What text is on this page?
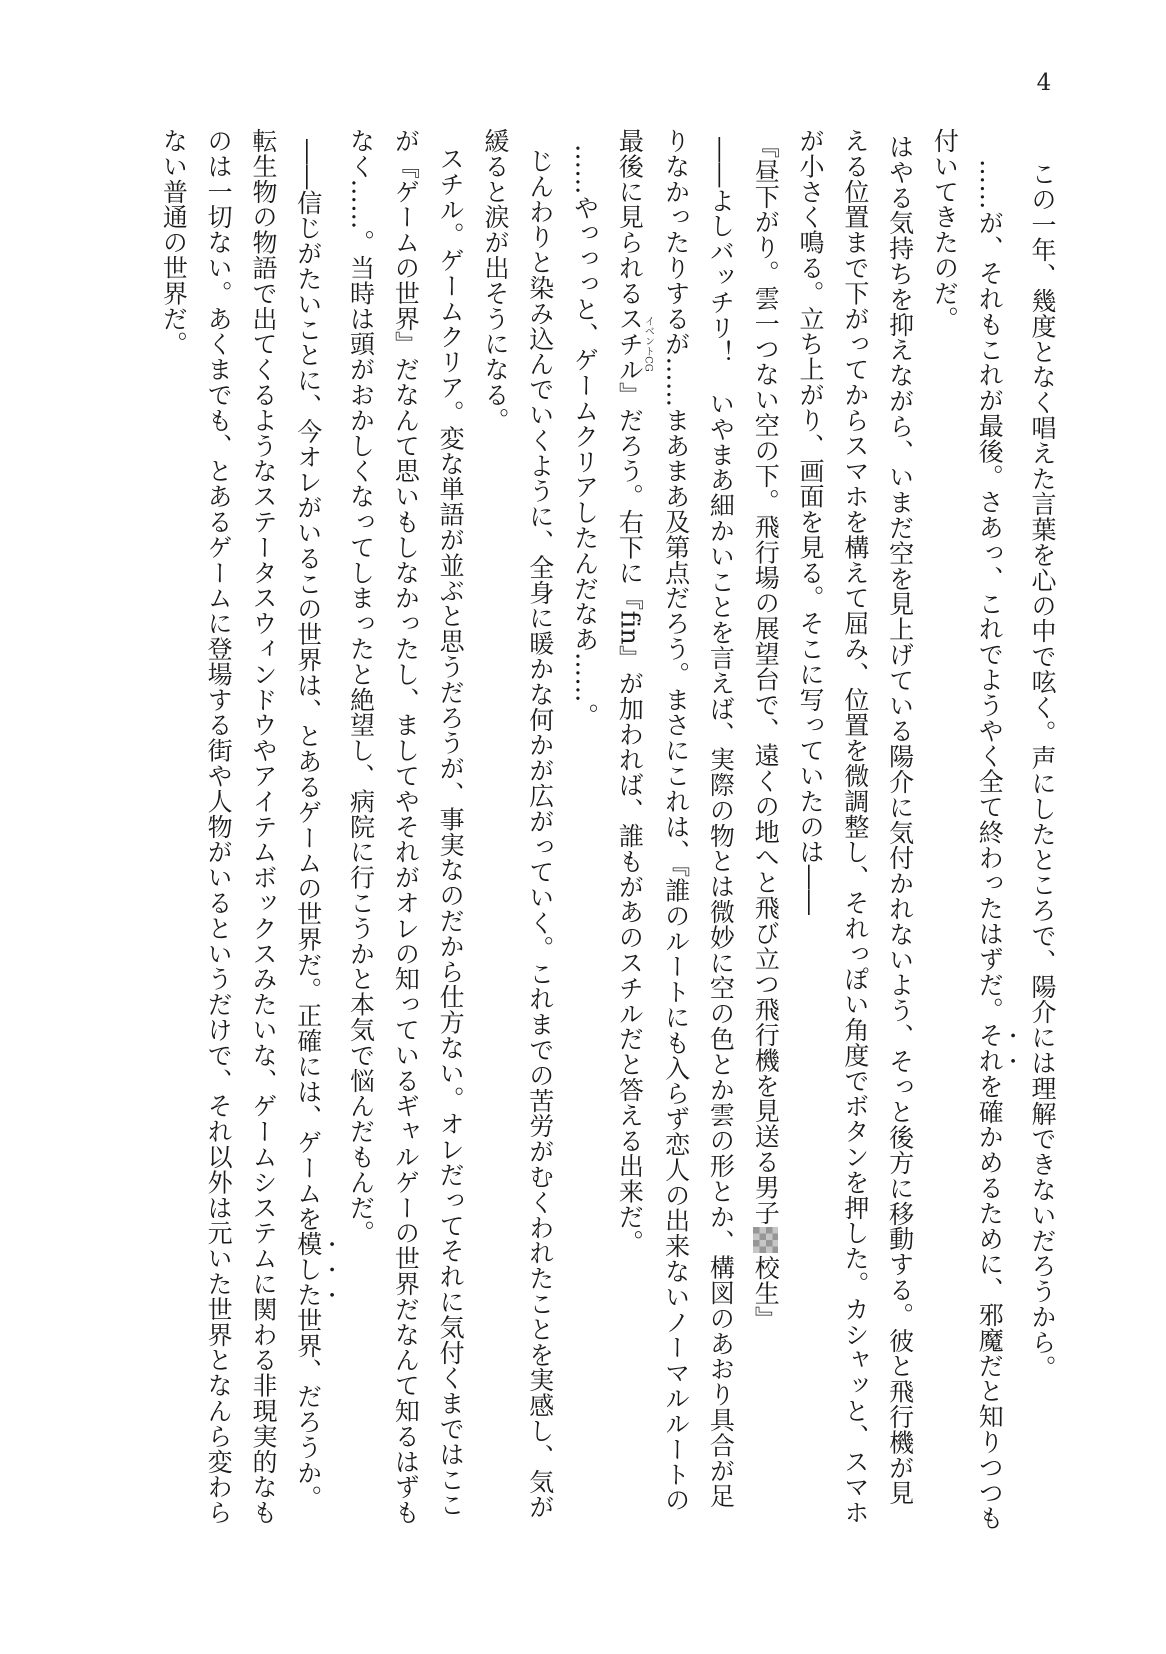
4
この一年、幾度となく唱えた言葉を心の中で呟く。声にしたところで、陽介には理解できないだろうから。
……が、それもこれが最後。さあっ、これでようやく全て終わったはずだ。それを確かめるために、邪魔だと知りつつも
付いてきたのだ。
はやる気持ちを抑えながら、いまだ空を見上げている陽介に気付かれないよう、そっと後方に移動する。彼と飛行機が見
える位置まで下がってからスマホを構えて屈み、位置を微調整し、それっぽい角度でボタンを押した。カシャッと、スマホ
が小さく鳴る。立ち上がり、画面を見る。そこに写っていたのは――
『昼下がり。雲一つない空の下。飛行場の展望台で、遠くの地へと飛び立つ飛行機を見送る男子校生』
――よしバッチリ！　いやまあ細かいことを言えば、実際の物とは微妙に空の色とか雲の形とか、構図のあおり具合が足
りなかったりするが……まあまあ及第点だろう。まさにこれは、『誰のルートにも入らず恋人の出来ないノーマルルートの
最後に見られるスチルイベントCG』だろう。右下に『fin』が加われば、誰もがあのスチルだと答える出来だ。
……やっっっと、ゲームクリアしたんだなあ……。
じんわりと染み込んでいくように、全身に暖かな何かが広がっていく。これまでの苦労がむくわれたことを実感し、気が
緩ると涙が出そうになる。
スチル。ゲームクリア。変な単語が並ぶと思うだろうが、事実なのだから仕方ない。オレだってそれに気付くまではここ
が『ゲームの世界』だなんて思いもしなかったし、ましてやそれがオレの知っているギャルゲーの世界だなんて知るはずも
なく……。当時は頭がおかしくなってしまったと絶望し、病院に行こうかと本気で悩んだもんだ。
――信じがたいことに、今オレがいるこの世界は、とあるゲームの世界だ。正確には、ゲームを模した世界、だろうか。
転生物の物語で出てくるようなステータスウィンドウやアイテムボックスみたいな、ゲームシステムに関わる非現実的なも
のは一切ない。あくまでも、とあるゲームに登場する街や人物がいるというだけで、それ以外は元いた世界となんら変わら
ない普通の世界だ。
